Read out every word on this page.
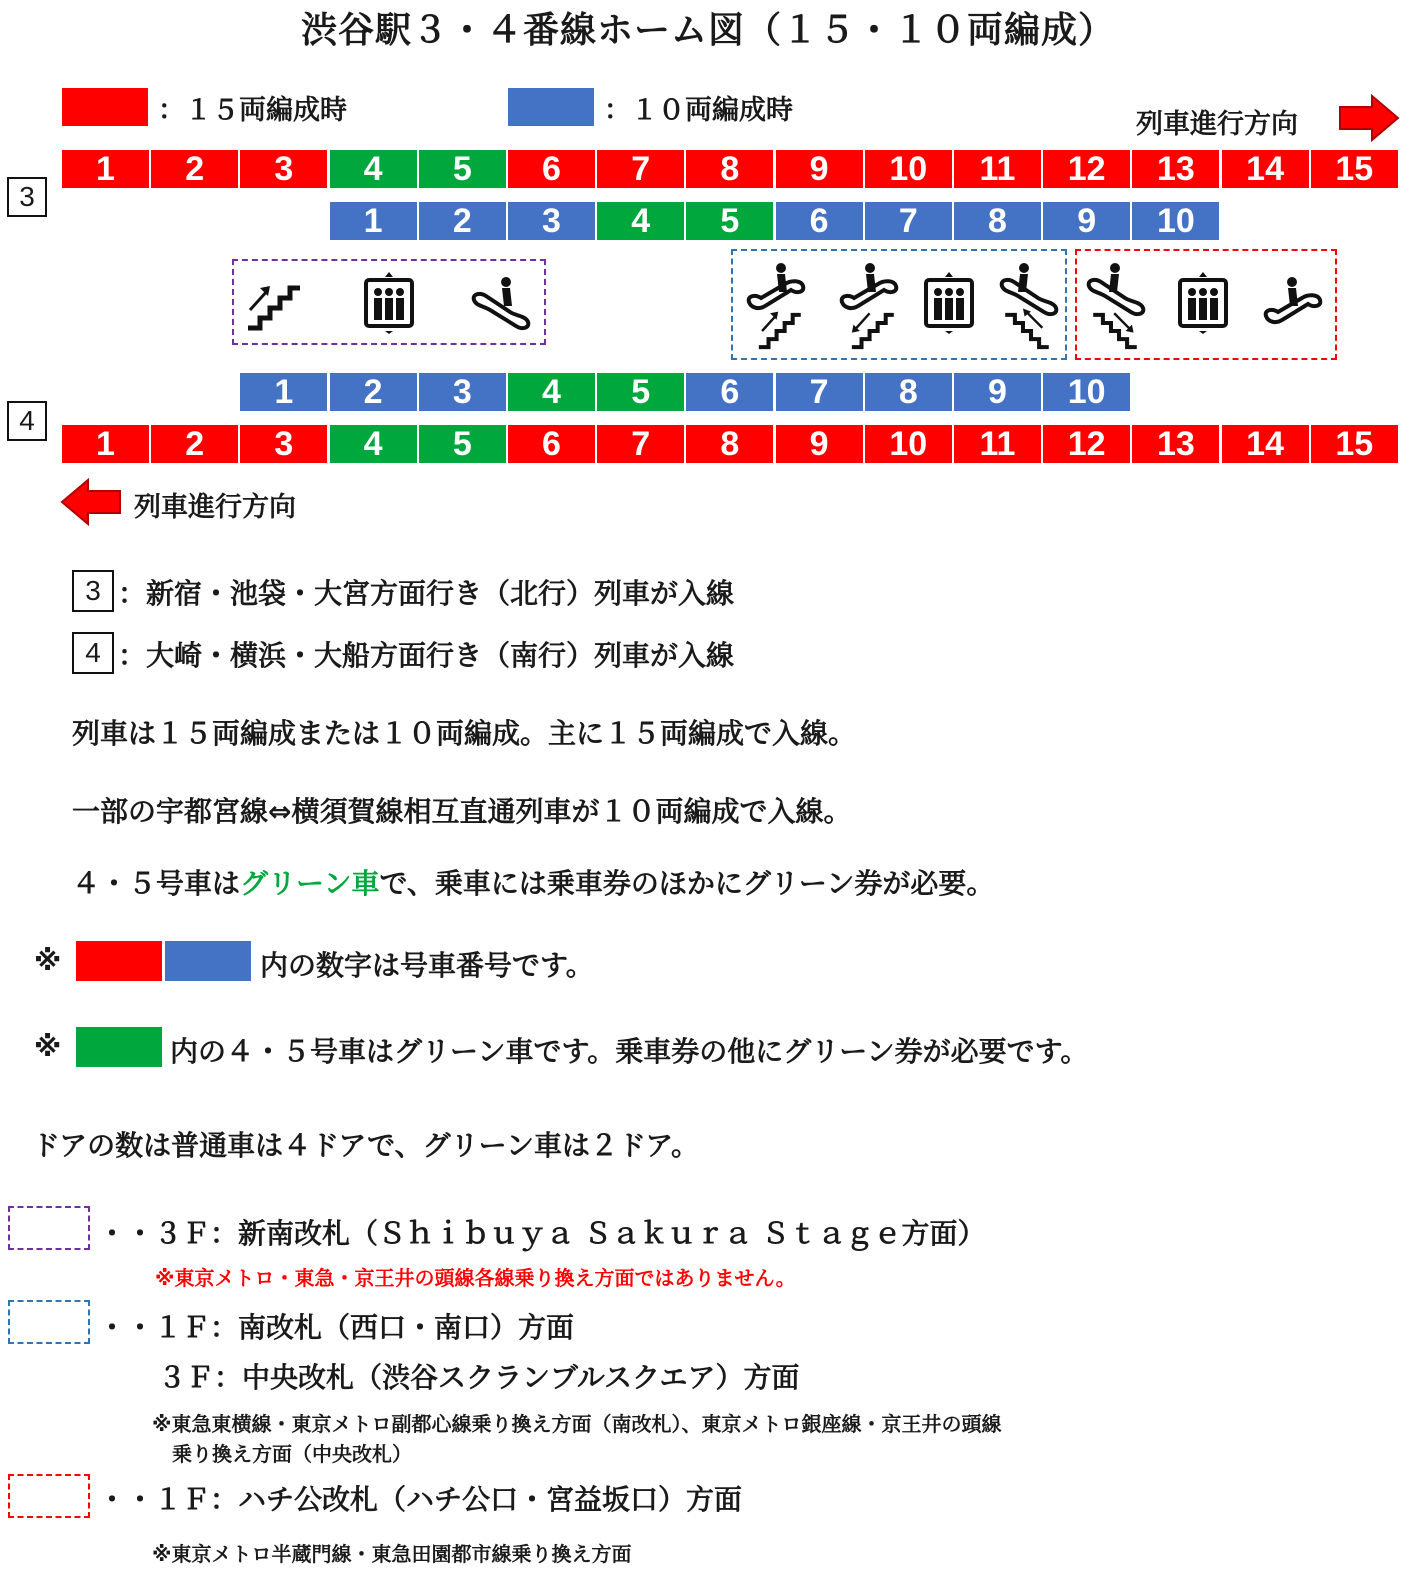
渋谷駅３・４番線ホーム図（１５・１０両編成）
：１５両編成時	：１０両編成時	列車進行方向
3
4
1	2	3	4	5	6	7	8	9	10	11	12	13	14	15
1	2	3	4	5	6	7	8	9	10
1	2	3	4	5	6	7	8	9	10
1	2	3	4	5	6	7	8	9	10	11	12	13	14	15
列車進行方向
3 ：新宿・池袋・大宮方面行き（北行）列車が入線
4 ：大崎・横浜・大船方面行き（南行）列車が入線
列車は１５両編成または１０両編成。主に１５両編成で入線。
一部の宇都宮線⇔横須賀線相互直通列車が１０両編成で入線。
４・５号車はグリーン車で、乗車には乗車券のほかにグリーン券が必要。
※	内の数字は号車番号です。
※	内の４・５号車はグリーン車です。乗車券の他にグリーン券が必要です。
ドアの数は普通車は４ドアで、グリーン車は２ドア。
・・３Ｆ：新南改札（Ｓｈｉｂｕｙａ Ｓａｋｕｒａ Ｓｔａｇｅ方面）
※東京メトロ・東急・京王井の頭線各線乗り換え方面ではありません。
・・１Ｆ：南改札（西口・南口）方面
３Ｆ：中央改札（渋谷スクランブルスクエア）方面
※東急東横線・東京メトロ副都心線乗り換え方面（南改札）、東京メトロ銀座線・京王井の頭線
乗り換え方面（中央改札）
・・１Ｆ：ハチ公改札（ハチ公口・宮益坂口）方面
※東京メトロ半蔵門線・東急田園都市線乗り換え方面
